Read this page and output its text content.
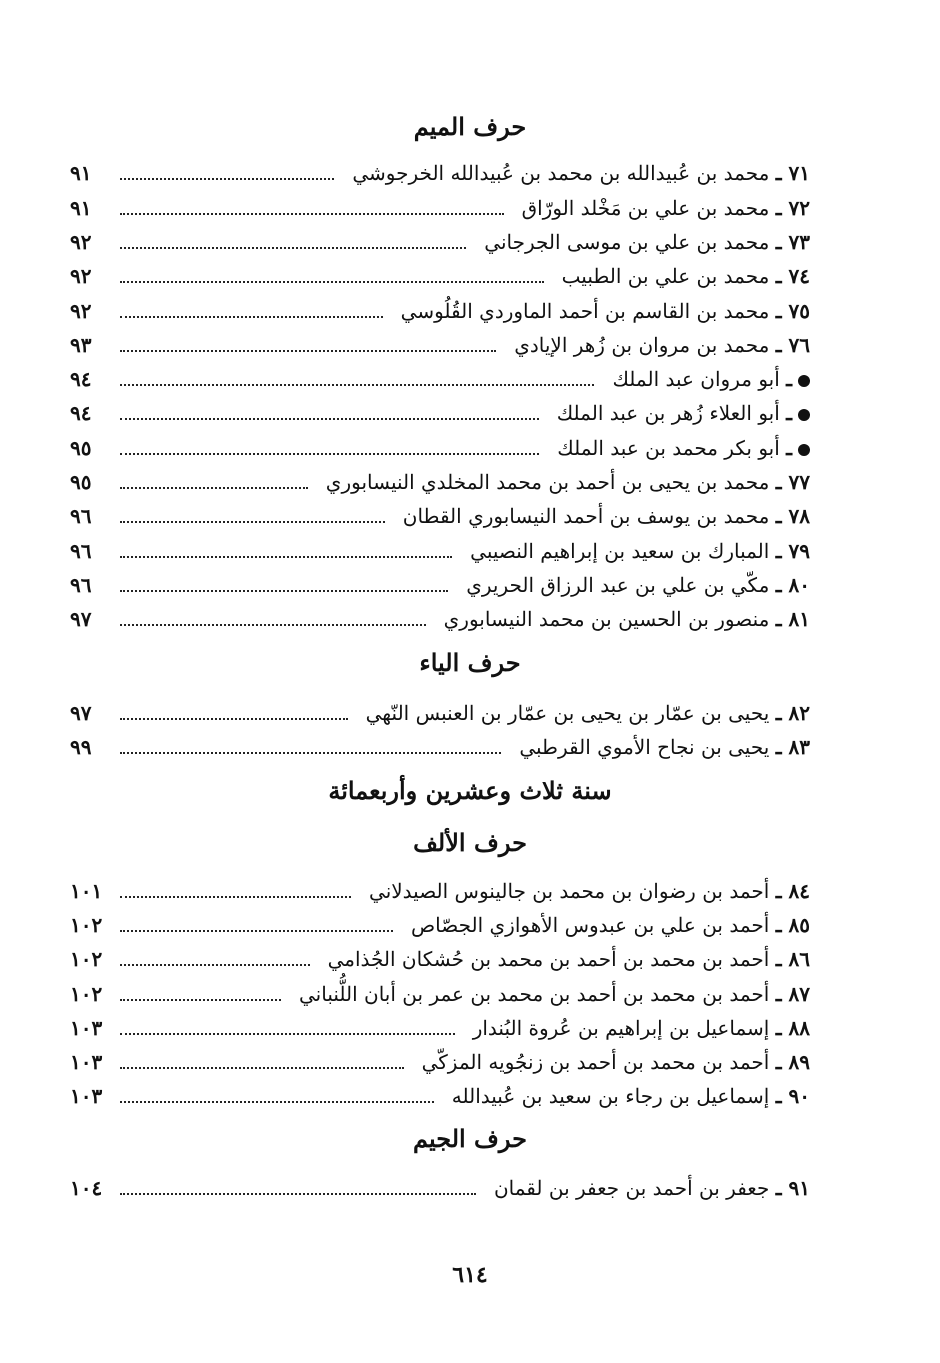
حرف الميم
٧١ ـ محمد بن عُبيدالله بن محمد بن عُبيدالله الخرجوشي
٩١
٧٢ ـ محمد بن علي بن مَخْلد الورّاق
٩١
٧٣ ـ محمد بن علي بن موسى الجرجاني
٩٢
٧٤ ـ محمد بن علي بن الطبيب
٩٢
٧٥ ـ محمد بن القاسم بن أحمد الماوردي القُلُوسي
٩٢
٧٦ ـ محمد بن مروان بن زُهر الإيادي
٩٣
ـ أبو مروان عبد الملك
٩٤
ـ أبو العلاء زُهر بن عبد الملك
٩٤
ـ أبو بكر محمد بن عبد الملك
٩٥
٧٧ ـ محمد بن يحيى بن أحمد بن محمد المخلدي النيسابوري
٩٥
٧٨ ـ محمد بن يوسف بن أحمد النيسابوري القطان
٩٦
٧٩ ـ المبارك بن سعيد بن إبراهيم النصيبي
٩٦
٨٠ ـ مكّي بن علي بن عبد الرزاق الحريري
٩٦
٨١ ـ منصور بن الحسين بن محمد النيسابوري
٩٧
حرف الياء
٨٢ ـ يحيى بن عمّار بن يحيى بن عمّار بن العنبس النّهي
٩٧
٨٣ ـ يحيى بن نجاح الأموي القرطبي
٩٩
سنة ثلاث وعشرين وأربعمائة
حرف الألف
٨٤ ـ أحمد بن رضوان بن محمد بن جالينوس الصيدلاني
١٠١
٨٥ ـ أحمد بن علي بن عبدوس الأهوازي الجصّاص
١٠٢
٨٦ ـ أحمد بن محمد بن أحمد بن محمد بن حُشكان الجُذامي
١٠٢
٨٧ ـ أحمد بن محمد بن أحمد بن محمد بن عمر بن أبان اللُّنباني
١٠٢
٨٨ ـ إسماعيل بن إبراهيم بن عُروة البُندار
١٠٣
٨٩ ـ أحمد بن محمد بن أحمد بن زنجُويه المزكّي
١٠٣
٩٠ ـ إسماعيل بن رجاء بن سعيد بن عُبيدالله
١٠٣
حرف الجيم
٩١ ـ جعفر بن أحمد بن جعفر بن لقمان
١٠٤
٦١٤
